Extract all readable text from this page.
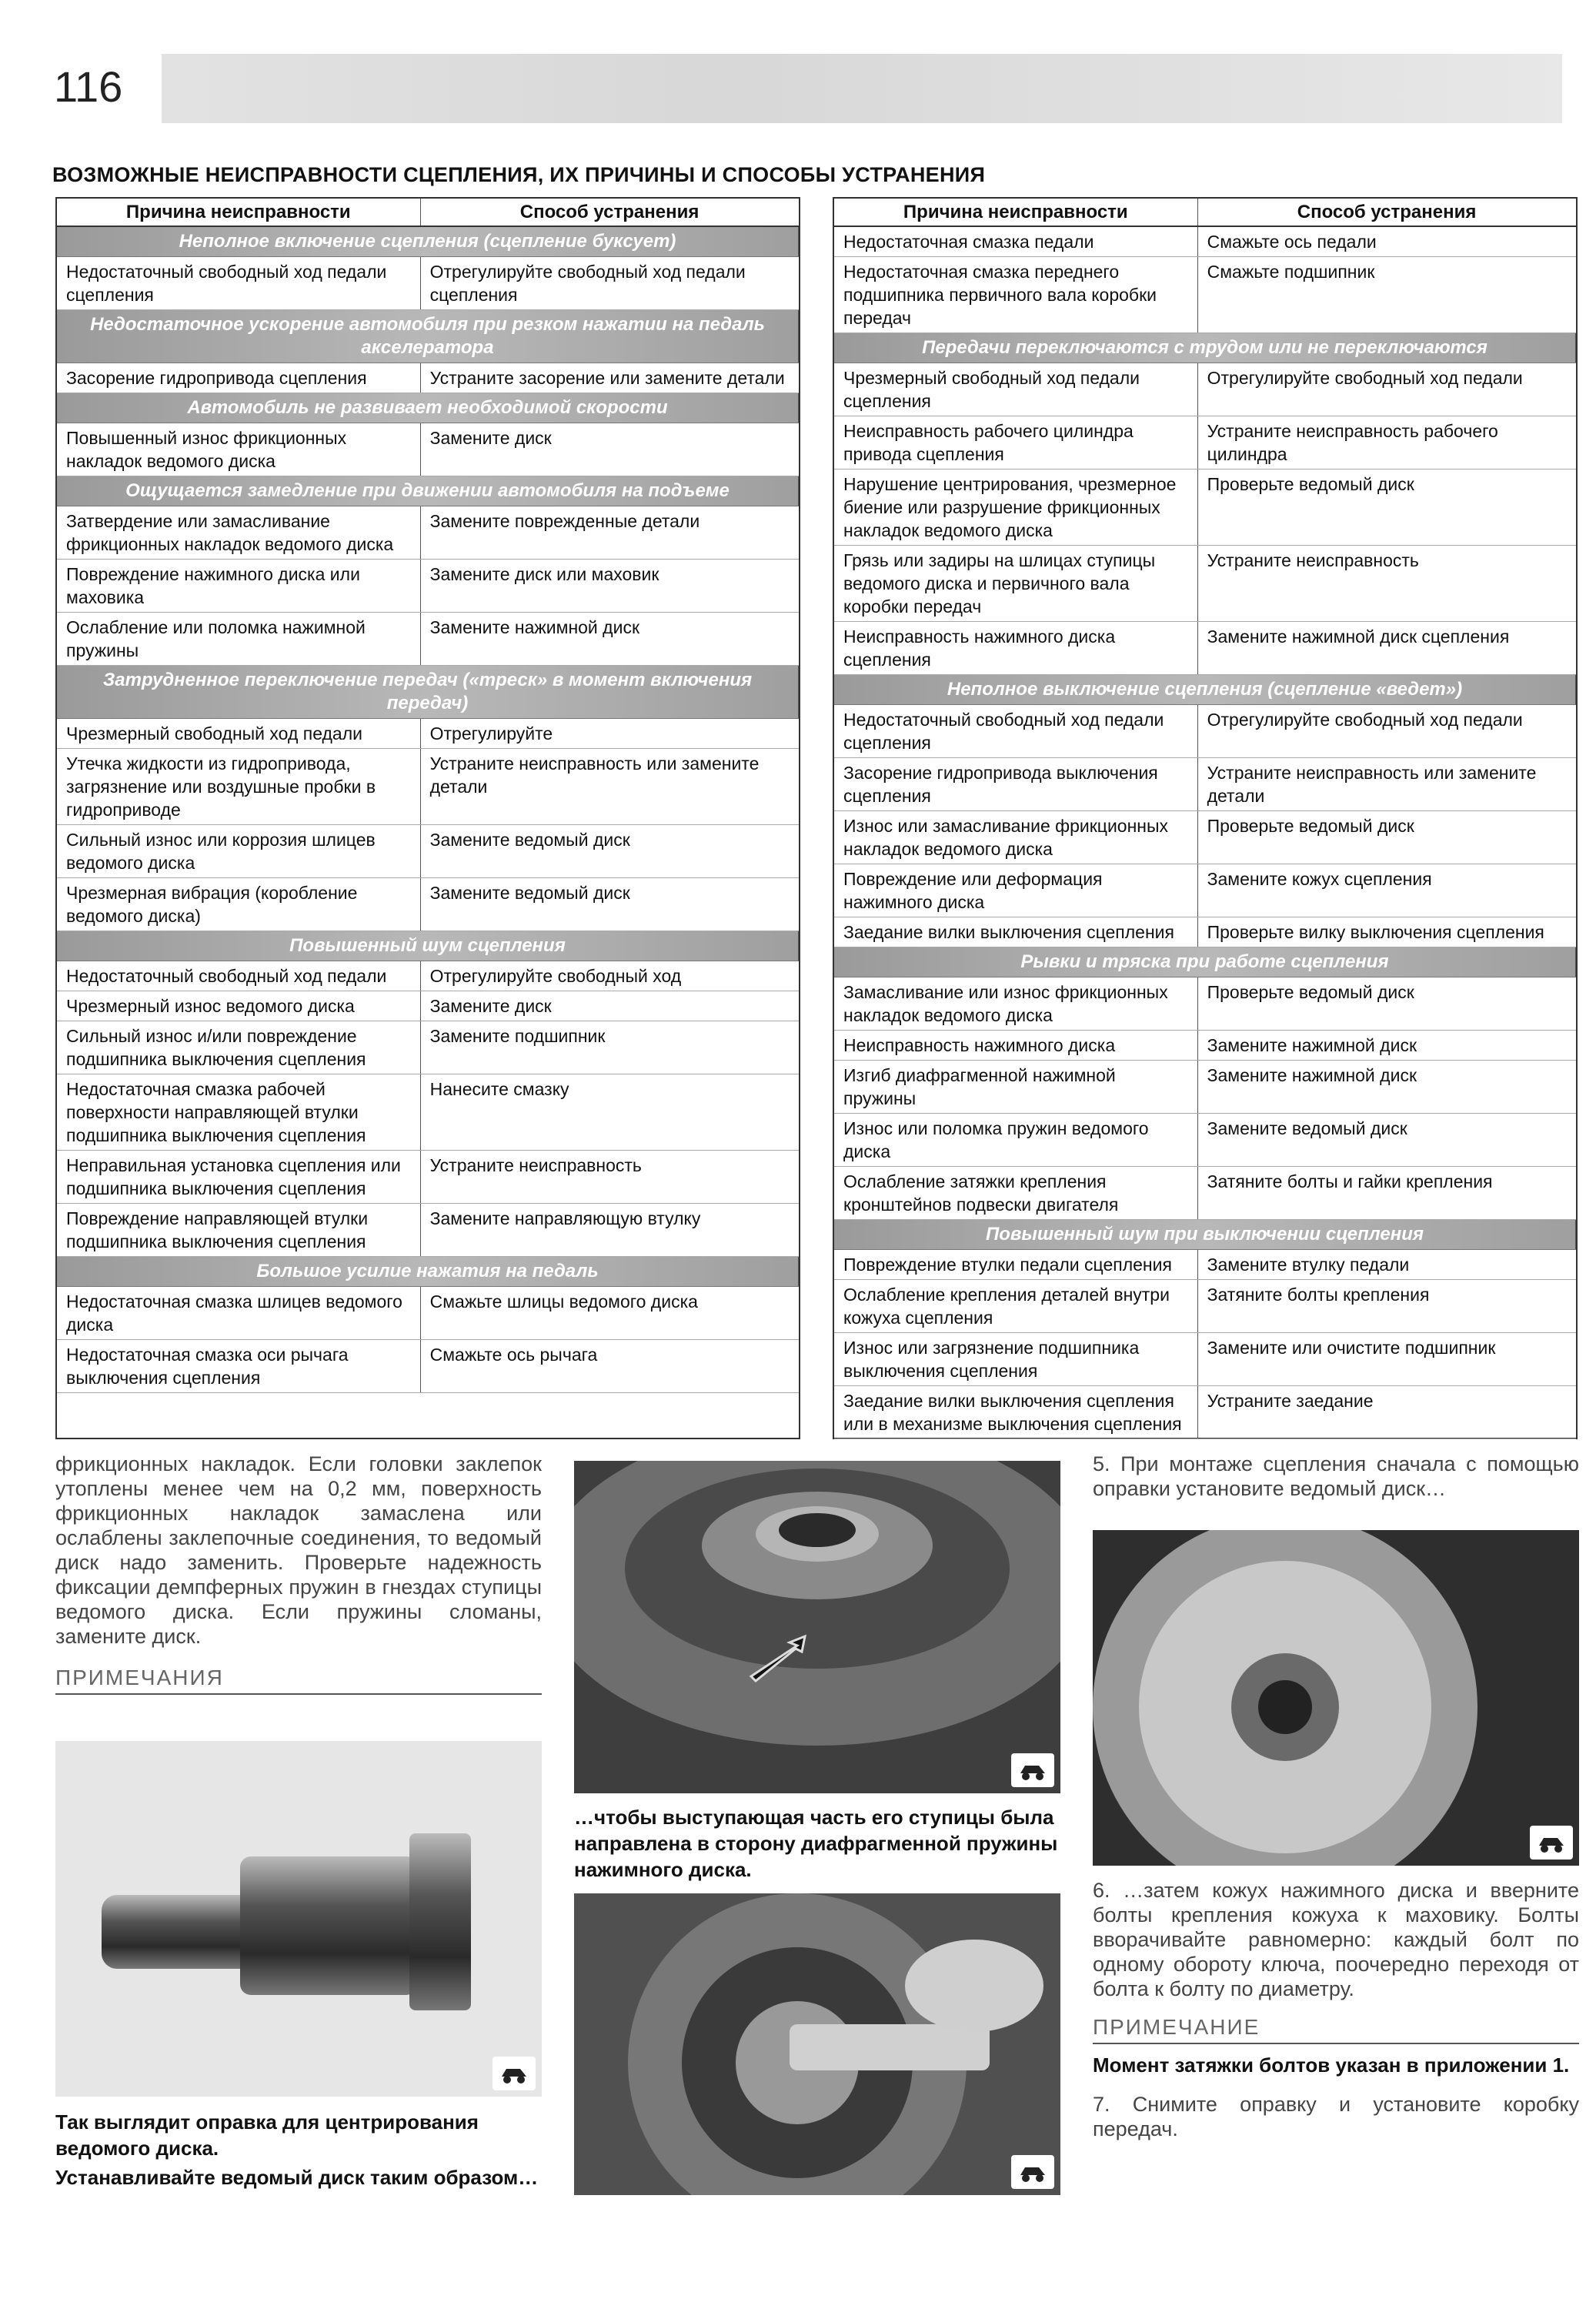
116
ВОЗМОЖНЫЕ НЕИСПРАВНОСТИ СЦЕПЛЕНИЯ, ИХ ПРИЧИНЫ И СПОСОБЫ УСТРАНЕНИЯ
Причина неисправности	Способ устранения
Неполное включение сцепления (сцепление буксует)	
Недостаточный свободный ход педали сцепления	Отрегулируйте свободный ход педали сцепления
Недостаточное ускорение автомобиля при резком нажатии на педаль акселератора	
Засорение гидропривода сцепления	Устраните засорение или замените детали
Автомобиль не развивает необходимой скорости	
Повышенный износ фрикционных накладок ведомого диска	Замените диск
Ощущается замедление при движении автомобиля на подъеме	
Затвердение или замасливание фрикционных накладок ведомого диска	Замените поврежденные детали
Повреждение нажимного диска или маховика	Замените диск или маховик
Ослабление или поломка нажимной пружины	Замените нажимной диск
Затрудненное переключение передач («треск» в момент включения передач)	
Чрезмерный свободный ход педали	Отрегулируйте
Утечка жидкости из гидропривода, загрязнение или воздушные пробки в гидроприводе	Устраните неисправность или замените детали
Сильный износ или коррозия шлицев ведомого диска	Замените ведомый диск
Чрезмерная вибрация (коробление ведомого диска)	Замените ведомый диск
Повышенный шум сцепления	
Недостаточный свободный ход педали	Отрегулируйте свободный ход
Чрезмерный износ ведомого диска	Замените диск
Сильный износ и/или повреждение подшипника выключения сцепления	Замените подшипник
Недостаточная смазка рабочей поверхности направляющей втулки подшипника выключения сцепления	Нанесите смазку
Неправильная установка сцепления или подшипника выключения сцепления	Устраните неисправность
Повреждение направляющей втулки подшипника выключения сцепления	Замените направляющую втулку
Большое усилие нажатия на педаль	
Недостаточная смазка шлицев ведомого диска	Смажьте шлицы ведомого диска
Недостаточная смазка оси рычага выключения сцепления	Смажьте ось рычага
Причина неисправности	Способ устранения
Недостаточная смазка педали	Смажьте ось педали
Недостаточная смазка переднего подшипника первичного вала коробки передач	Смажьте подшипник
Передачи переключаются с трудом или не переключаются	
Чрезмерный свободный ход педали сцепления	Отрегулируйте свободный ход педали
Неисправность рабочего цилиндра привода сцепления	Устраните неисправность рабочего цилиндра
Нарушение центрирования, чрезмерное биение или разрушение фрикционных накладок ведомого диска	Проверьте ведомый диск
Грязь или задиры на шлицах ступицы ведомого диска и первичного вала коробки передач	Устраните неисправность
Неисправность нажимного диска сцепления	Замените нажимной диск сцепления
Неполное выключение сцепления (сцепление «ведет»)	
Недостаточный свободный ход педали сцепления	Отрегулируйте свободный ход педали
Засорение гидропривода выключения сцепления	Устраните неисправность или замените детали
Износ или замасливание фрикционных накладок ведомого диска	Проверьте ведомый диск
Повреждение или деформация нажимного диска	Замените кожух сцепления
Заедание вилки выключения сцепления	Проверьте вилку выключения сцепления
Рывки и тряска при работе сцепления	
Замасливание или износ фрикционных накладок ведомого диска	Проверьте ведомый диск
Неисправность нажимного диска	Замените нажимной диск
Изгиб диафрагменной нажимной пружины	Замените нажимной диск
Износ или поломка пружин ведомого диска	Замените ведомый диск
Ослабление затяжки крепления кронштейнов подвески двигателя	Затяните болты и гайки крепления
Повышенный шум при выключении сцепления	
Повреждение втулки педали сцепления	Замените втулку педали
Ослабление крепления деталей внутри кожуха сцепления	Затяните болты крепления
Износ или загрязнение подшипника выключения сцепления	Замените или очистите подшипник
Заедание вилки выключения сцепления или в механизме выключения сцепления	Устраните заедание

фрикционных накладок. Если головки заклепок утоплены менее чем на 0,2 мм, поверхность фрикционных накладок замаслена или ослаблены заклепочные соединения, то ведомый диск надо заменить. Проверьте надежность фиксации демпферных пружин в гнездах ступицы ведомого диска. Если пружины сломаны, замените диск.

ПРИМЕЧАНИЯ

Так выглядит оправка для центрирования ведомого диска.

Устанавливайте ведомый диск таким образом…

…чтобы выступающая часть его ступицы была направлена в сторону диафрагменной пружины нажимного диска.

5. При монтаже сцепления сначала с помощью оправки установите ведомый диск…

6. …затем кожух нажимного диска и вверните болты крепления кожуха к маховику. Болты вворачивайте равномерно: каждый болт по одному обороту ключа, поочередно переходя от болта к болту по диаметру.

ПРИМЕЧАНИЕ

Момент затяжки болтов указан в приложении 1.

7. Снимите оправку и установите коробку передач.
